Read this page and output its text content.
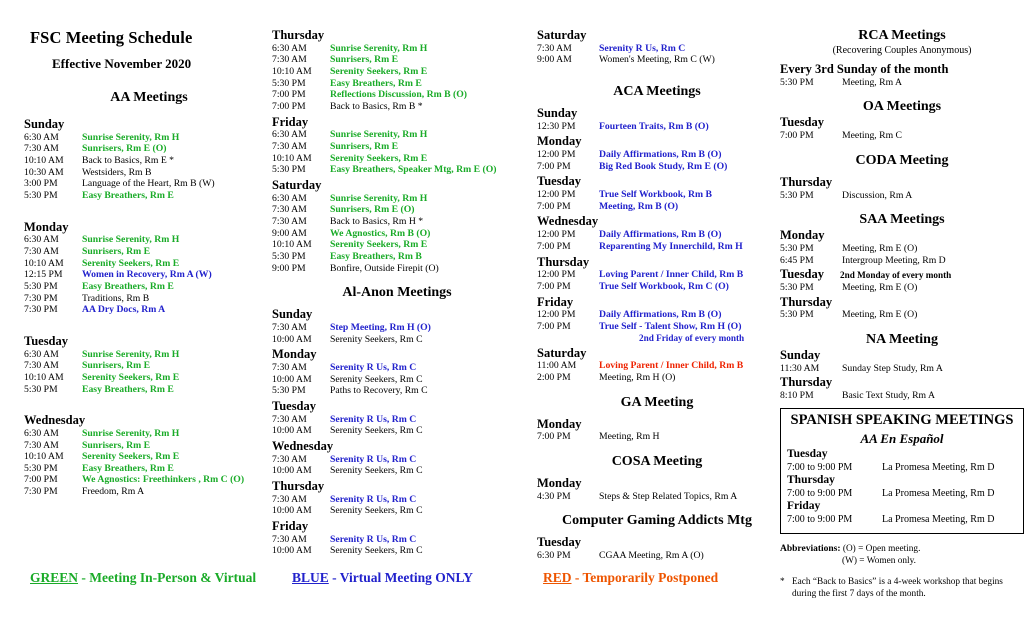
FSC Meeting Schedule
Effective November 2020
AA Meetings
Sunday
6:30 AM	Sunrise Serenity, Rm H
7:30 AM	Sunrisers, Rm E (O)
10:10 AM	Back to Basics, Rm E *
10:30 AM	Westsiders, Rm B
3:00 PM	Language of the Heart, Rm B (W)
5:30 PM	Easy Breathers, Rm E
Monday
6:30 AM	Sunrise Serenity, Rm H
7:30 AM	Sunrisers, Rm E
10:10 AM	Serenity Seekers, Rm E
12:15 PM	Women in Recovery, Rm A (W)
5:30 PM	Easy Breathers, Rm E
7:30 PM	Traditions, Rm B
7:30 PM	AA Dry Docs, Rm A
Tuesday
6:30 AM	Sunrise Serenity, Rm H
7:30 AM	Sunrisers, Rm E
10:10 AM	Serenity Seekers, Rm E
5:30 PM	Easy Breathers, Rm E
Wednesday
6:30 AM	Sunrise Serenity, Rm H
7:30 AM	Sunrisers, Rm E
10:10 AM	Serenity Seekers, Rm E
5:30 PM	Easy Breathers, Rm E
7:00 PM	We Agnostics: Freethinkers , Rm C (O)
7:30 PM	Freedom, Rm A
Thursday
6:30 AM	Sunrise Serenity, Rm H
7:30 AM	Sunrisers, Rm E
10:10 AM	Serenity Seekers, Rm E
5:30 PM	Easy Breathers, Rm E
7:00 PM	Reflections Discussion, Rm B (O)
7:00 PM	Back to Basics, Rm B *
Friday
6:30 AM	Sunrise Serenity, Rm H
7:30 AM	Sunrisers, Rm E
10:10 AM	Serenity Seekers, Rm E
5:30 PM	Easy Breathers, Speaker Mtg, Rm E (O)
Saturday
6:30 AM	Sunrise Serenity, Rm H
7:30 AM	Sunrisers, Rm E (O)
7:30 AM	Back to Basics, Rm H *
9:00 AM	We Agnostics, Rm B (O)
10:10 AM	Serenity Seekers, Rm E
5:30 PM	Easy Breathers, Rm B
9:00 PM	Bonfire, Outside Firepit (O)
Al-Anon Meetings
Sunday
7:30 AM	Step Meeting, Rm H (O)
10:00 AM	Serenity Seekers, Rm C
Monday
7:30 AM	Serenity R Us, Rm C
10:00 AM	Serenity Seekers, Rm C
5:30 PM	Paths to Recovery, Rm C
Tuesday
7:30 AM	Serenity R Us, Rm C
10:00 AM	Serenity Seekers, Rm C
Wednesday
7:30 AM	Serenity R Us, Rm C
10:00 AM	Serenity Seekers, Rm C
Thursday
7:30 AM	Serenity R Us, Rm C
10:00 AM	Serenity Seekers, Rm C
Friday
7:30 AM	Serenity R Us, Rm C
10:00 AM	Serenity Seekers, Rm C
Saturday
7:30 AM	Serenity R Us, Rm C
9:00 AM	Women's Meeting, Rm C (W)
ACA Meetings
Sunday
12:30 PM	Fourteen Traits, Rm B (O)
Monday
12:00 PM	Daily Affirmations, Rm B (O)
7:00 PM	Big Red Book Study, Rm E (O)
Tuesday
12:00 PM	True Self Workbook, Rm B
7:00 PM	Meeting, Rm B (O)
Wednesday
12:00 PM	Daily Affirmations, Rm B (O)
7:00 PM	Reparenting My Innerchild, Rm H
Thursday
12:00 PM	Loving Parent / Inner Child, Rm B
7:00 PM	True Self Workbook, Rm C (O)
Friday
12:00 PM	Daily Affirmations, Rm B (O)
7:00 PM	True Self - Talent Show, Rm H (O)
2nd Friday of every month
Saturday
11:00 AM	Loving Parent / Inner Child, Rm B
2:00 PM	Meeting, Rm H (O)
GA Meeting
Monday
7:00 PM	Meeting, Rm H
COSA Meeting
Monday
4:30 PM	Steps & Step Related Topics, Rm A
Computer Gaming Addicts Mtg
Tuesday
6:30 PM	CGAA Meeting, Rm A (O)
RCA Meetings
(Recovering Couples Anonymous)
Every 3rd Sunday of the month
5:30 PM	Meeting, Rm A
OA Meetings
Tuesday
7:00 PM	Meeting, Rm C
CODA Meeting
Thursday
5:30 PM	Discussion, Rm A
SAA Meetings
Monday
5:30 PM	Meeting, Rm E (O)
6:45 PM	Intergroup Meeting, Rm D
Tuesday 2nd Monday of every month
5:30 PM	Meeting, Rm E (O)
Thursday
5:30 PM	Meeting, Rm E (O)
NA Meeting
Sunday
11:30 AM	Sunday Step Study, Rm A
Thursday
8:10 PM	Basic Text Study, Rm A
SPANISH SPEAKING MEETINGS
AA En Español
Tuesday
7:00 to 9:00 PM	La Promesa Meeting, Rm D
Thursday
7:00 to 9:00 PM	La Promesa Meeting, Rm D
Friday
7:00 to 9:00 PM	La Promesa Meeting, Rm D
Abbreviations: (O) = Open meeting.
(W) = Women only.
* Each “Back to Basics” is a 4-week workshop that begins during the first 7 days of the month.
GREEN - Meeting In-Person & Virtual	BLUE - Virtual Meeting ONLY	RED - Temporarily Postponed
